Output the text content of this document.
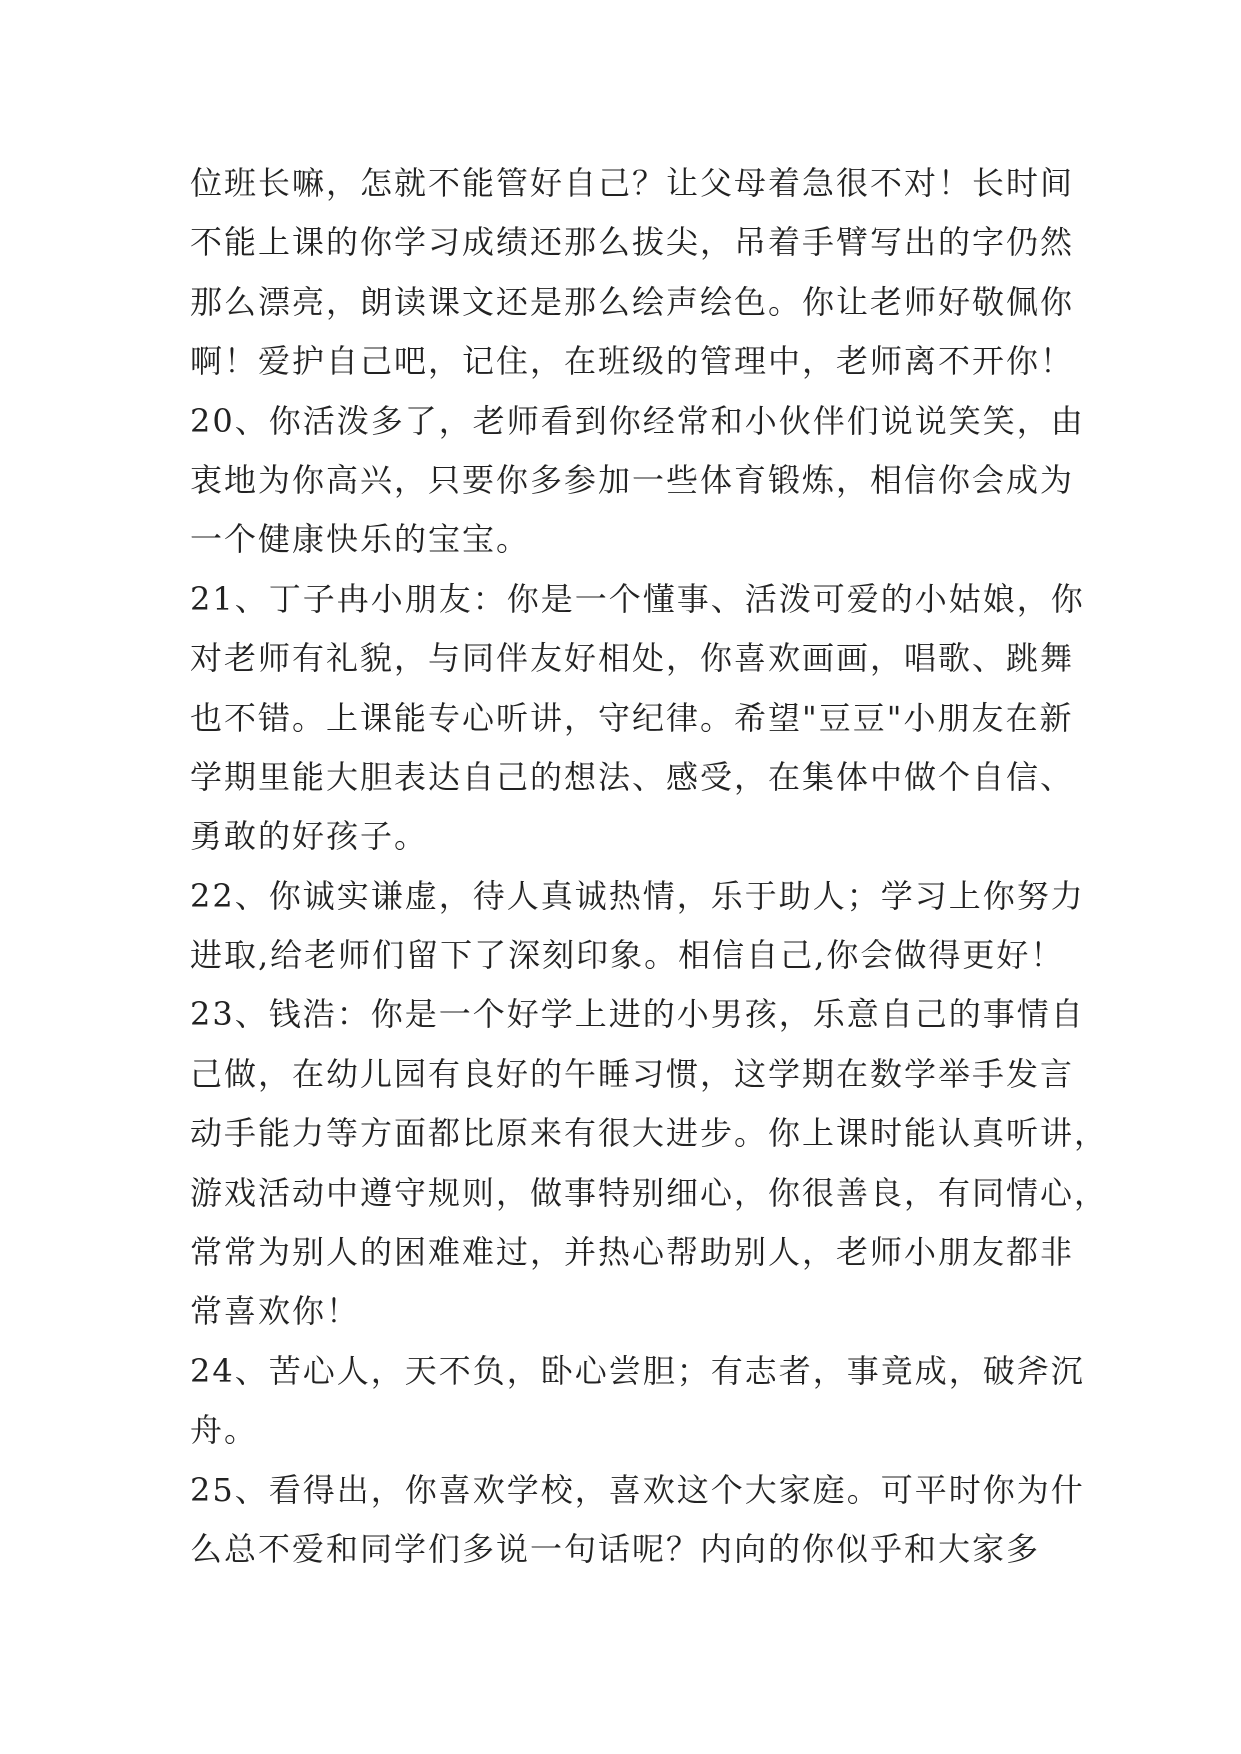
位班长嘛，怎就不能管好自己？让父母着急很不对！长时间
不能上课的你学习成绩还那么拔尖，吊着手臂写出的字仍然
那么漂亮，朗读课文还是那么绘声绘色。你让老师好敬佩你
啊！爱护自己吧，记住，在班级的管理中，老师离不开你！
20、你活泼多了，老师看到你经常和小伙伴们说说笑笑，由
衷地为你高兴，只要你多参加一些体育锻炼，相信你会成为
一个健康快乐的宝宝。
21、丁子冉小朋友：你是一个懂事、活泼可爱的小姑娘，你
对老师有礼貌，与同伴友好相处，你喜欢画画，唱歌、跳舞
也不错。上课能专心听讲，守纪律。希望"豆豆"小朋友在新
学期里能大胆表达自己的想法、感受，在集体中做个自信、
勇敢的好孩子。
22、你诚实谦虚，待人真诚热情，乐于助人；学习上你努力
进取,给老师们留下了深刻印象。相信自己,你会做得更好！
23、钱浩：你是一个好学上进的小男孩，乐意自己的事情自
己做，在幼儿园有良好的午睡习惯，这学期在数学举手发言
动手能力等方面都比原来有很大进步。你上课时能认真听讲，
游戏活动中遵守规则，做事特别细心，你很善良，有同情心，
常常为别人的困难难过，并热心帮助别人，老师小朋友都非
常喜欢你！
24、苦心人，天不负，卧心尝胆；有志者，事竟成，破斧沉
舟。
25、看得出，你喜欢学校，喜欢这个大家庭。可平时你为什
么总不爱和同学们多说一句话呢？内向的你似乎和大家多
